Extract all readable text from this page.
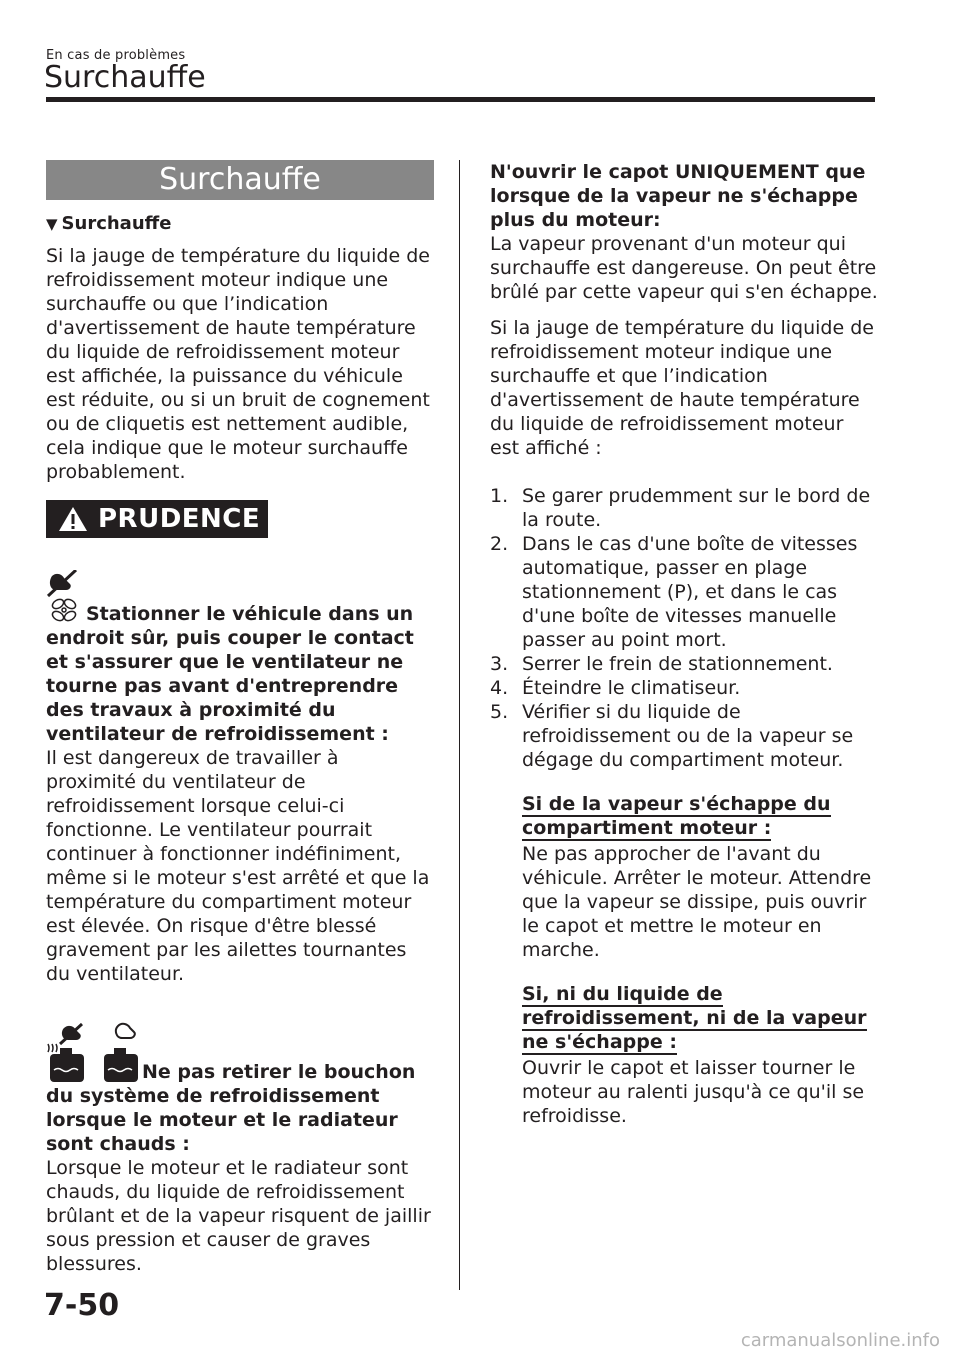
En cas de problèmes
Surchauffe
Surchauffe
▼ Surchauffe

Si la jauge de température du liquide de refroidissement moteur indique une surchauffe ou que l’indication d'avertissement de haute température du liquide de refroidissement moteur est affichée, la puissance du véhicule est réduite, ou si un bruit de cognement ou de cliquetis est nettement audible, cela indique que le moteur surchauffe probablement.

PRUDENCE

Stationner le véhicule dans un endroit sûr, puis couper le contact et s'assurer que le ventilateur ne tourne pas avant d'entreprendre des travaux à proximité du ventilateur de refroidissement :

Il est dangereux de travailler à proximité du ventilateur de refroidissement lorsque celui-ci fonctionne. Le ventilateur pourrait continuer à fonctionner indéfiniment, même si le moteur s'est arrêté et que la température du compartiment moteur est élevée. On risque d'être blessé gravement par les ailettes tournantes du ventilateur.

✓ Ne pas retirer le bouchon du système de refroidissement lorsque le moteur et le radiateur sont chauds :

Lorsque le moteur et le radiateur sont chauds, du liquide de refroidissement brûlant et de la vapeur risquent de jaillir sous pression et causer de graves blessures.

N'ouvrir le capot UNIQUEMENT que lorsque de la vapeur ne s'échappe plus du moteur:

La vapeur provenant d'un moteur qui surchauffe est dangereuse. On peut être brûlé par cette vapeur qui s'en échappe.

Si la jauge de température du liquide de refroidissement moteur indique une surchauffe et que l’indication d'avertissement de haute température du liquide de refroidissement moteur est affiché :

1. Se garer prudemment sur le bord de la route.
2. Dans le cas d'une boîte de vitesses automatique, passer en plage stationnement (P), et dans le cas d'une boîte de vitesses manuelle passer au point mort.
3. Serrer le frein de stationnement.
4. Éteindre le climatiseur.
5. Vérifier si du liquide de refroidissement ou de la vapeur se dégage du compartiment moteur.
Si de la vapeur s'échappe du compartiment moteur :

Ne pas approcher de l'avant du véhicule. Arrêter le moteur. Attendre que la vapeur se dissipe, puis ouvrir le capot et mettre le moteur en marche.

Si, ni du liquide de refroidissement, ni de la vapeur ne s'échappe :

Ouvrir le capot et laisser tourner le moteur au ralenti jusqu'à ce qu'il se refroidisse.

7-50
carmanualsonline.info
